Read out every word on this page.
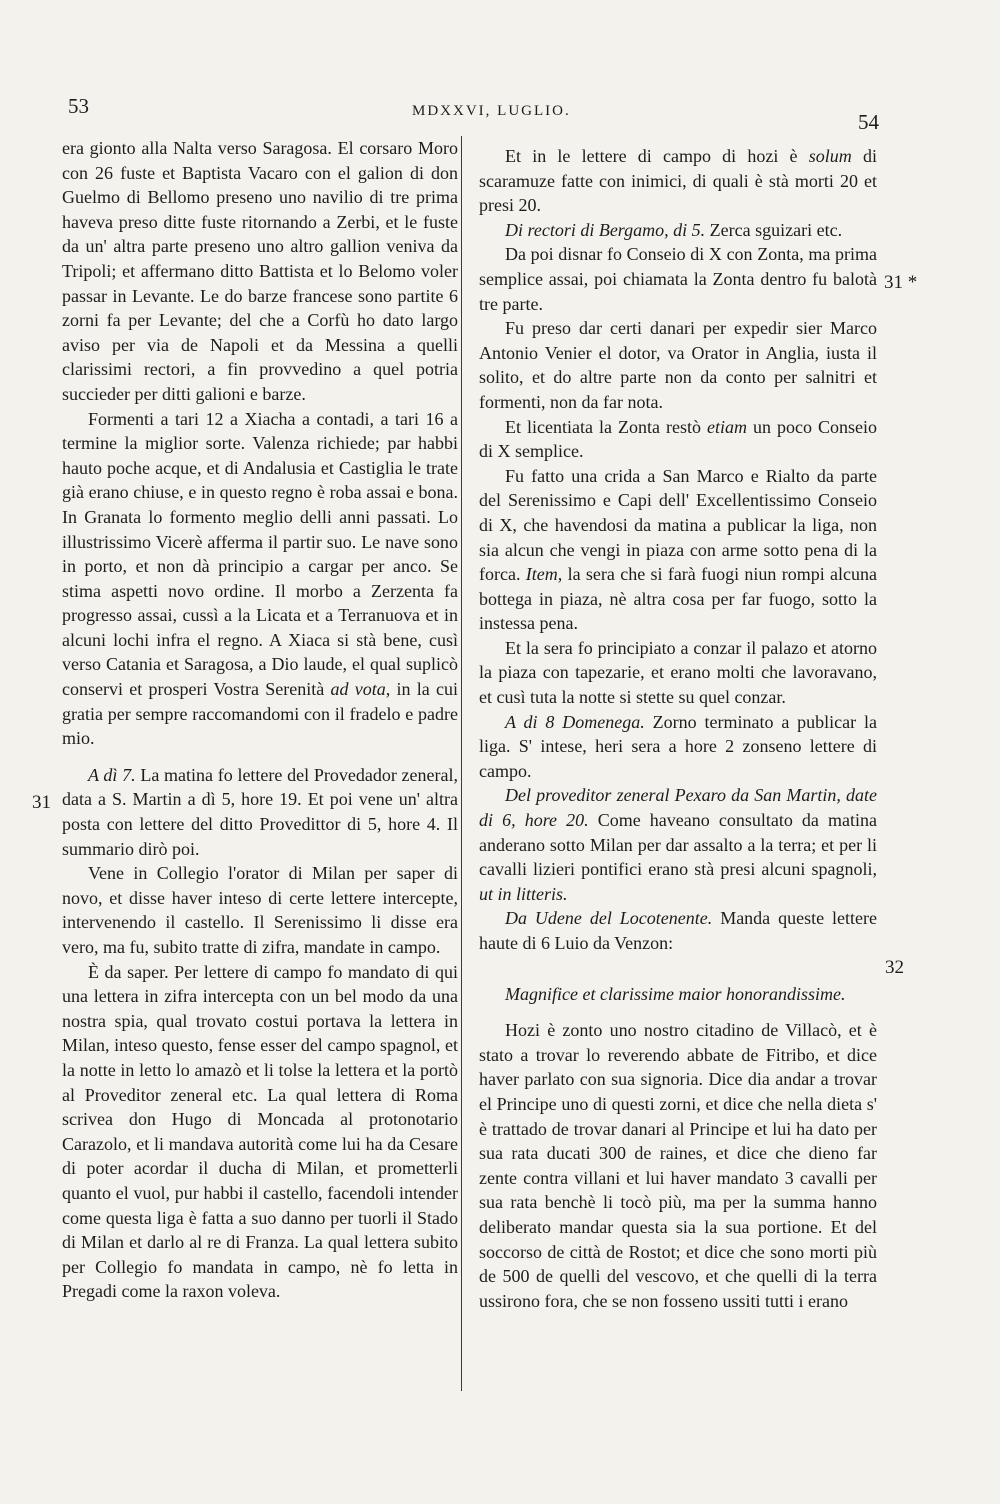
53	MDXXVI, LUGLIO.	54
31
31 *
32

era gionto alla Nalta verso Saragosa. El corsaro Moro con 26 fuste et Baptista Vacaro con el galion di don Guelmo di Bellomo preseno uno navilio di tre prima haveva preso ditte fuste ritornando a Zerbi, et le fuste da un' altra parte preseno uno altro gallion veniva da Tripoli; et affermano ditto Battista et lo Belomo voler passar in Levante. Le do barze francese sono partite 6 zorni fa per Levante; del che a Corfù ho dato largo aviso per via de Napoli et da Messina a quelli clarissimi rectori, a fin provvedino a quel potria succieder per ditti galioni e barze.

Formenti a tari 12 a Xiacha a contadi, a tari 16 a termine la miglior sorte. Valenza richiede; par habbi hauto poche acque, et di Andalusia et Castiglia le trate già erano chiuse, e in questo regno è roba assai e bona. In Granata lo formento meglio delli anni passati. Lo illustrissimo Vicerè afferma il partir suo. Le nave sono in porto, et non dà principio a cargar per anco. Se stima aspetti novo ordine. Il morbo a Zerzenta fa progresso assai, cussì a la Licata et a Terranuova et in alcuni lochi infra el regno. A Xiaca si stà bene, cusì verso Catania et Saragosa, a Dio laude, el qual suplicò conservi et prosperi Vostra Serenità ad vota, in la cui gratia per sempre raccomandomi con il fradelo e padre mio.

A dì 7. La matina fo lettere del Provedador zeneral, data a S. Martin a dì 5, hore 19. Et poi vene un' altra posta con lettere del ditto Provedittor di 5, hore 4. Il summario dirò poi.

Vene in Collegio l'orator di Milan per saper di novo, et disse haver inteso di certe lettere intercepte, intervenendo il castello. Il Serenissimo li disse era vero, ma fu, subito tratte di zifra, mandate in campo.

È da saper. Per lettere di campo fo mandato di qui una lettera in zifra intercepta con un bel modo da una nostra spia, qual trovato costui portava la lettera in Milan, inteso questo, fense esser del campo spagnol, et la notte in letto lo amazò et li tolse la lettera et la portò al Proveditor zeneral etc. La qual lettera di Roma scrivea don Hugo di Moncada al protonotario Carazolo, et li mandava autorità come lui ha da Cesare di poter acordar il ducha di Milan, et prometterli quanto el vuol, pur habbi il castello, facendoli intender come questa liga è fatta a suo danno per tuorli il Stado di Milan et darlo al re di Franza. La qual lettera subito per Collegio fo mandata in campo, nè fo letta in Pregadi come la raxon voleva.

Et in le lettere di campo di hozi è solum di scaramuze fatte con inimici, di quali è stà morti 20 et presi 20.

Di rectori di Bergamo, di 5. Zerca sguizari etc.

Da poi disnar fo Conseio di X con Zonta, ma prima semplice assai, poi chiamata la Zonta dentro fu balotà tre parte.

Fu preso dar certi danari per expedir sier Marco Antonio Venier el dotor, va Orator in Anglia, iusta il solito, et do altre parte non da conto per salnitri et formenti, non da far nota.

Et licentiata la Zonta restò etiam un poco Conseio di X semplice.

Fu fatto una crida a San Marco e Rialto da parte del Serenissimo e Capi dell' Excellentissimo Conseio di X, che havendosi da matina a publicar la liga, non sia alcun che vengi in piaza con arme sotto pena di la forca. Item, la sera che si farà fuogi niun rompi alcuna bottega in piaza, nè altra cosa per far fuogo, sotto la instessa pena.

Et la sera fo principiato a conzar il palazo et atorno la piaza con tapezarie, et erano molti che lavoravano, et cusì tuta la notte si stette su quel conzar.

A di 8 Domenega. Zorno terminato a publicar la liga. S' intese, heri sera a hore 2 zonseno lettere di campo.

Del proveditor zeneral Pexaro da San Martin, date di 6, hore 20. Come haveano consultato da matina anderano sotto Milan per dar assalto a la terra; et per li cavalli lizieri pontifici erano stà presi alcuni spagnoli, ut in litteris.

Da Udene del Locotenente. Manda queste lettere haute di 6 Luio da Venzon:

Magnifice et clarissime maior honorandissime.

Hozi è zonto uno nostro citadino de Villacò, et è stato a trovar lo reverendo abbate de Fitribo, et dice haver parlato con sua signoria. Dice dia andar a trovar el Principe uno di questi zorni, et dice che nella dieta s' è trattado de trovar danari al Principe et lui ha dato per sua rata ducati 300 de raines, et dice che dieno far zente contra villani et lui haver mandato 3 cavalli per sua rata benchè li tocò più, ma per la summa hanno deliberato mandar questa sia la sua portione. Et del soccorso de città de Rostot; et dice che sono morti più de 500 de quelli del vescovo, et che quelli di la terra ussirono fora, che se non fosseno ussiti tutti i erano
